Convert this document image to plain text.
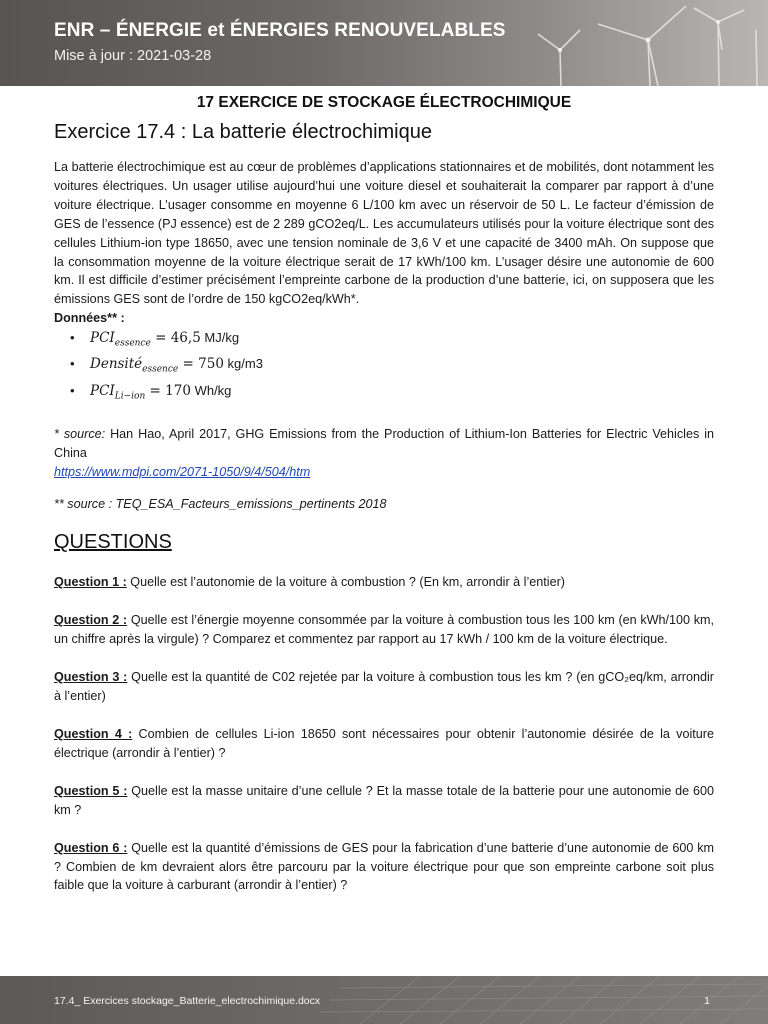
ENR – ÉNERGIE et ÉNERGIES RENOUVELABLES
Mise à jour : 2021-03-28
17 EXERCICE DE STOCKAGE ÉLECTROCHIMIQUE
Exercice 17.4 : La batterie électrochimique

La batterie électrochimique est au cœur de problèmes d’applications stationnaires et de mobilités, dont notamment les voitures électriques. Un usager utilise aujourd’hui une voiture diesel et souhaiterait la comparer par rapport à d’une voiture électrique. L’usager consomme en moyenne 6 L/100 km avec un réservoir de 50 L. Le facteur d’émission de GES de l’essence (PJ essence) est de 2 289 gCO2eq/L. Les accumulateurs utilisés pour la voiture électrique sont des cellules Lithium-ion type 18650, avec une tension nominale de 3,6 V et une capacité de 3400 mAh. On suppose que la consommation moyenne de la voiture électrique serait de 17 kWh/100 km. L’usager désire une autonomie de 600 km. Il est difficile d’estimer précisément l’empreinte carbone de la production d’une batterie, ici, on supposera que les émissions GES sont de l’ordre de 150 kgCO2eq/kWh*.

Données** :

• $PCI_{essence} = 46,5$ MJ/kg
• Densité$_{essence}$ = 750 kg/m3
• $PCI_{Li-ion} = 170$ Wh/kg
* source: Han Hao, April 2017, GHG Emissions from the Production of Lithium-Ion Batteries for Electric Vehicles in China
https://www.mdpi.com/2071-1050/9/4/504/htm
** source : TEQ_ESA_Facteurs_emissions_pertinents 2018
QUESTIONS
Question 1 : Quelle est l’autonomie de la voiture à combustion ? (En km, arrondir à l’entier)
Question 2 : Quelle est l’énergie moyenne consommée par la voiture à combustion tous les 100 km (en kWh/100 km, un chiffre après la virgule) ? Comparez et commentez par rapport au 17 kWh / 100 km de la voiture électrique.
Question 3 : Quelle est la quantité de C02 rejetée par la voiture à combustion tous les km ? (en gCO₂eq/km, arrondir à l’entier)
Question 4 : Combien de cellules Li-ion 18650 sont nécessaires pour obtenir l’autonomie désirée de la voiture électrique (arrondir à l’entier) ?
Question 5 : Quelle est la masse unitaire d’une cellule ? Et la masse totale de la batterie pour une autonomie de 600 km ?
Question 6 : Quelle est la quantité d’émissions de GES pour la fabrication d’une batterie d’une autonomie de 600 km ? Combien de km devraient alors être parcouru par la voiture électrique pour que son empreinte carbone soit plus faible que la voiture à carburant (arrondir à l’entier) ?
17.4_ Exercices stockage_Batterie_electrochimique.docx	1
